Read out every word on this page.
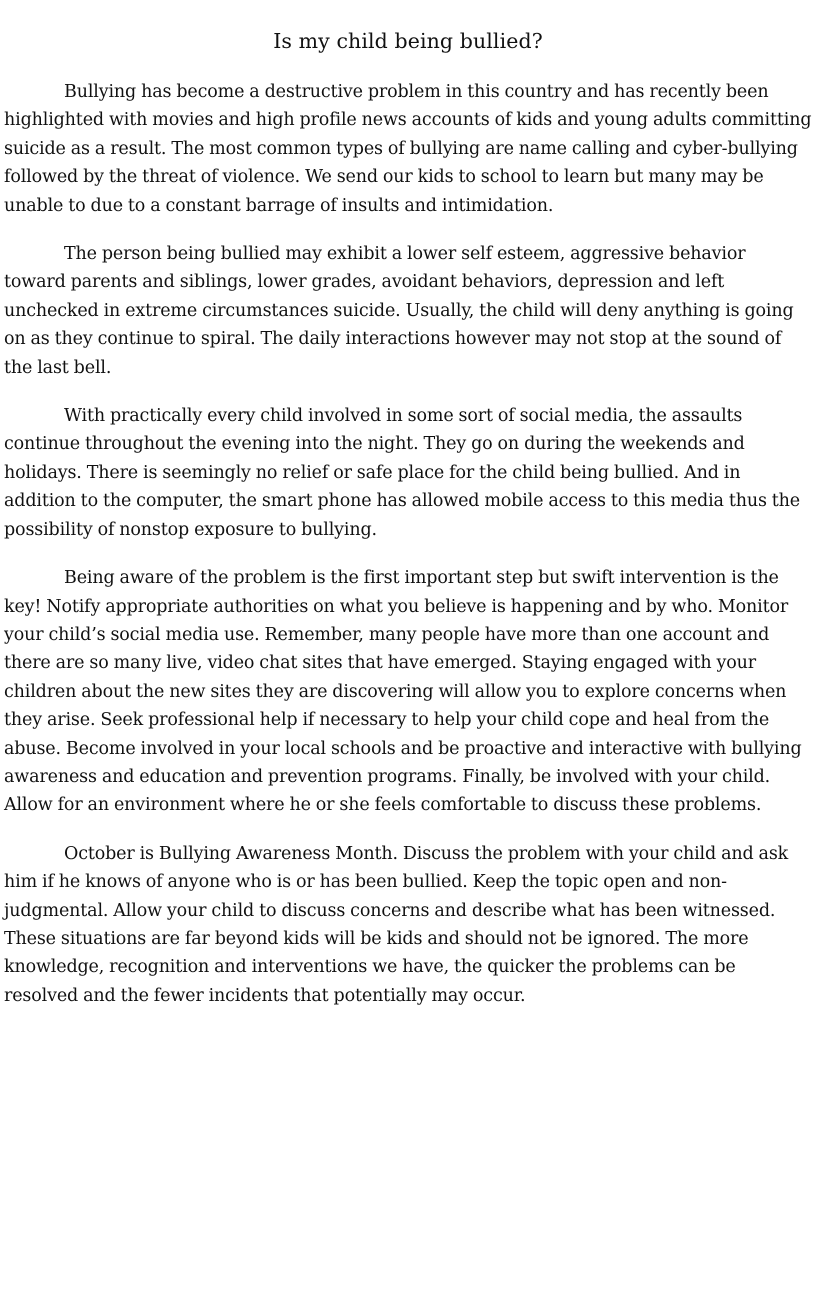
Is my child being bullied?

Bullying has become a destructive problem in this country and has recently been highlighted with movies and high profile news accounts of kids and young adults committing suicide as a result. The most common types of bullying are name calling and cyber-bullying followed by the threat of violence. We send our kids to school to learn but many may be unable to due to a constant barrage of insults and intimidation.

The person being bullied may exhibit a lower self esteem, aggressive behavior toward parents and siblings, lower grades, avoidant behaviors, depression and left unchecked in extreme circumstances suicide. Usually, the child will deny anything is going on as they continue to spiral. The daily interactions however may not stop at the sound of the last bell.

With practically every child involved in some sort of social media, the assaults continue throughout the evening into the night. They go on during the weekends and holidays. There is seemingly no relief or safe place for the child being bullied. And in addition to the computer, the smart phone has allowed mobile access to this media thus the possibility of nonstop exposure to bullying.

Being aware of the problem is the first important step but swift intervention is the key! Notify appropriate authorities on what you believe is happening and by who. Monitor your child’s social media use. Remember, many people have more than one account and there are so many live, video chat sites that have emerged. Staying engaged with your children about the new sites they are discovering will allow you to explore concerns when they arise. Seek professional help if necessary to help your child cope and heal from the abuse. Become involved in your local schools and be proactive and interactive with bullying awareness and education and prevention programs. Finally, be involved with your child. Allow for an environment where he or she feels comfortable to discuss these problems.

October is Bullying Awareness Month. Discuss the problem with your child and ask him if he knows of anyone who is or has been bullied. Keep the topic open and non-judgmental. Allow your child to discuss concerns and describe what has been witnessed. These situations are far beyond kids will be kids and should not be ignored. The more knowledge, recognition and interventions we have, the quicker the problems can be resolved and the fewer incidents that potentially may occur.
